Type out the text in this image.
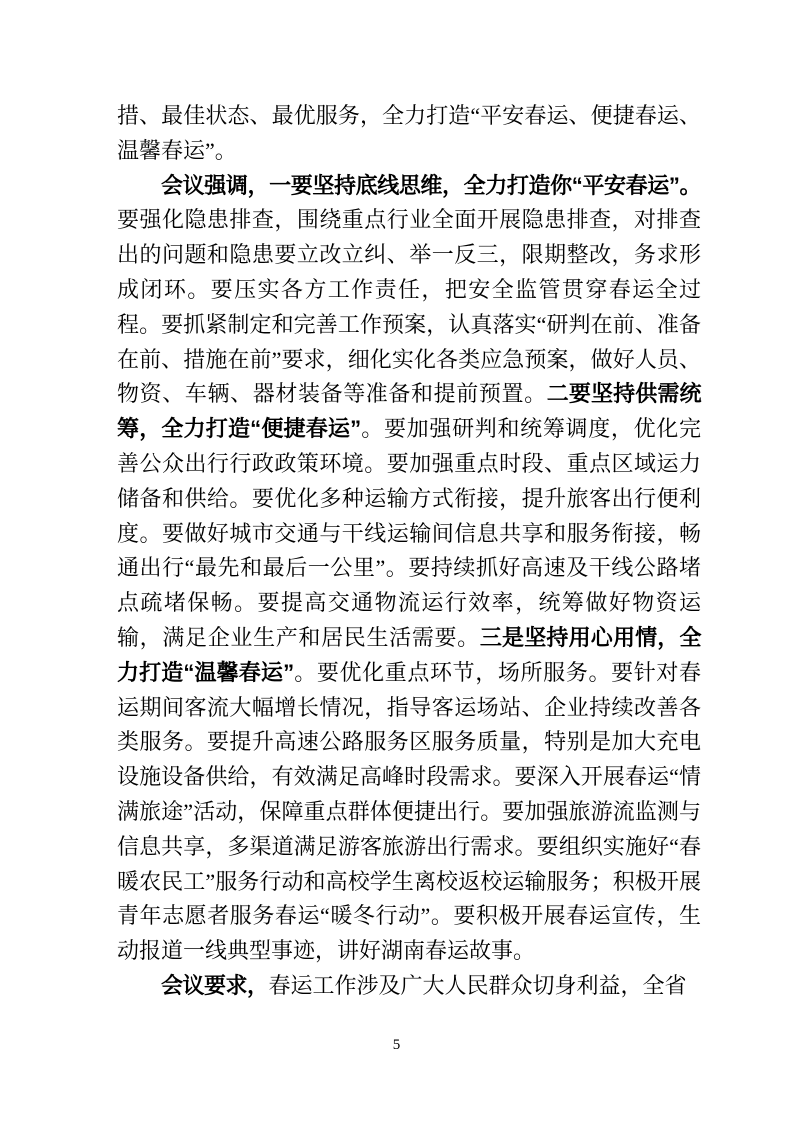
措、最佳状态、最优服务，全力打造“平安春运、便捷春运、温馨春运”。

会议强调，一要坚持底线思维，全力打造你“平安春运”。要强化隐患排查，围绕重点行业全面开展隐患排查，对排查出的问题和隐患要立改立纠、举一反三，限期整改，务求形成闭环。要压实各方工作责任，把安全监管贯穿春运全过程。要抓紧制定和完善工作预案，认真落实“研判在前、准备在前、措施在前”要求，细化实化各类应急预案，做好人员、物资、车辆、器材装备等准备和提前预置。二要坚持供需统筹，全力打造“便捷春运”。要加强研判和统筹调度，优化完善公众出行行政政策环境。要加强重点时段、重点区域运力储备和供给。要优化多种运输方式衔接，提升旅客出行便利度。要做好城市交通与干线运输间信息共享和服务衔接，畅通出行“最先和最后一公里”。要持续抓好高速及干线公路堵点疏堵保畅。要提高交通物流运行效率，统筹做好物资运输，满足企业生产和居民生活需要。三是坚持用心用情，全力打造“温馨春运”。要优化重点环节，场所服务。要针对春运期间客流大幅增长情况，指导客运场站、企业持续改善各类服务。要提升高速公路服务区服务质量，特别是加大充电设施设备供给，有效满足高峰时段需求。要深入开展春运“情满旅途”活动，保障重点群体便捷出行。要加强旅游流监测与信息共享，多渠道满足游客旅游出行需求。要组织实施好“春暖农民工”服务行动和高校学生离校返校运输服务；积极开展青年志愿者服务春运“暖冬行动”。要积极开展春运宣传，生动报道一线典型事迹，讲好湖南春运故事。

会议要求，春运工作涉及广大人民群众切身利益，全省

5
